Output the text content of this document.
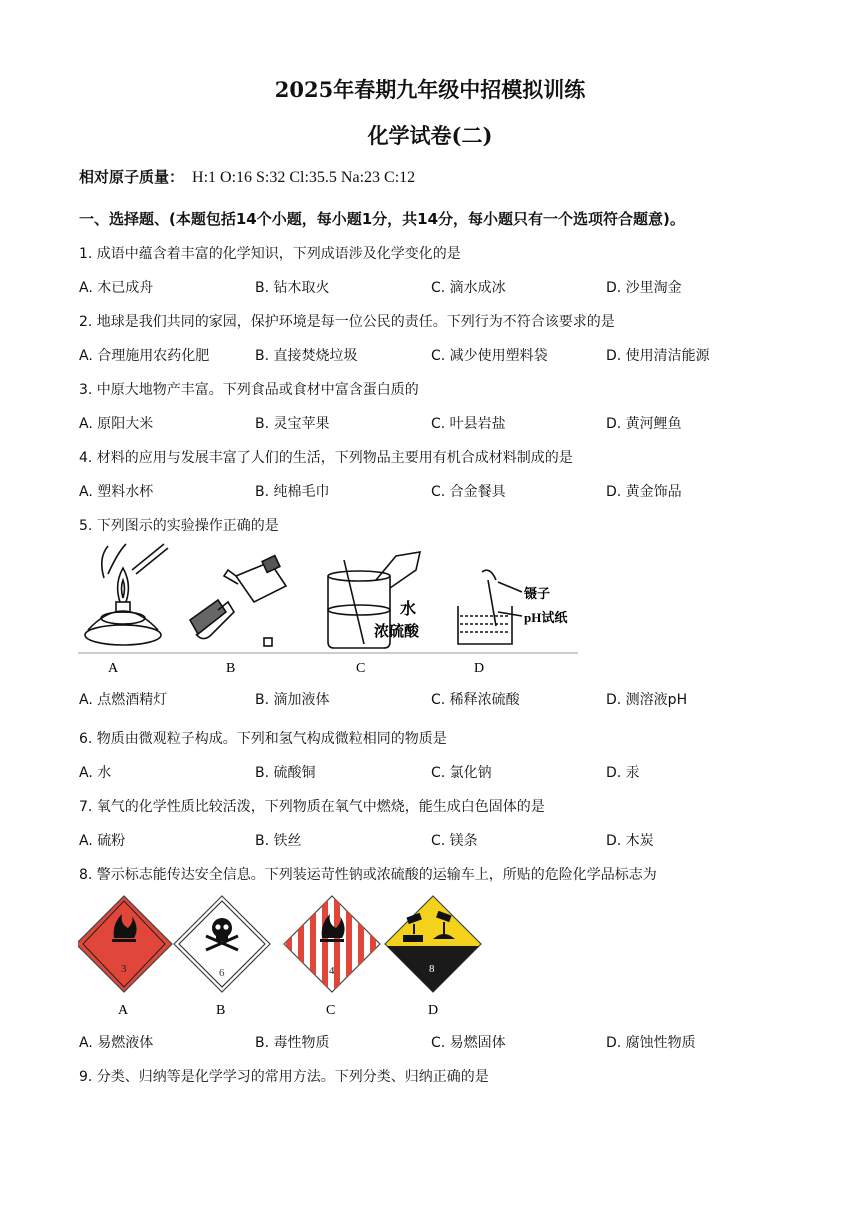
2025年春期九年级中招模拟训练
化学试卷(二)
相对原子质量： H:1 O:16 S:32 Cl:35.5 Na:23 C:12
一、选择题、(本题包括14个小题，每小题1分，共14分，每小题只有一个选项符合题意)。
1. 成语中蕴含着丰富的化学知识，下列成语涉及化学变化的是
A. 木已成舟	B. 钻木取火	C. 滴水成冰	D. 沙里淘金
2. 地球是我们共同的家园，保护环境是每一位公民的责任。下列行为不符合该要求的是
A. 合理施用农药化肥	B. 直接焚烧垃圾	C. 减少使用塑料袋	D. 使用清洁能源
3. 中原大地物产丰富。下列食品或食材中富含蛋白质的
A. 原阳大米	B. 灵宝苹果	C. 叶县岩盐	D. 黄河鲤鱼
4. 材料的应用与发展丰富了人们的生活，下列物品主要用有机合成材料制成的是
A. 塑料水杯	B. 纯棉毛巾	C. 合金餐具	D. 黄金饰品
5. 下列图示的实验操作正确的是
A	B
水
浓硫酸
C
镊子
pH试纸
D
A. 点燃酒精灯	B. 滴加液体	C. 稀释浓硫酸	D. 测溶液pH
6. 物质由微观粒子构成。下列和氢气构成微粒相同的物质是
A. 水	B. 硫酸铜	C. 氯化钠	D. 汞
7. 氧气的化学性质比较活泼，下列物质在氧气中燃烧，能生成白色固体的是
A. 硫粉	B. 铁丝	C. 镁条	D. 木炭
8. 警示标志能传达安全信息。下列装运苛性钠或浓硫酸的运输车上，所贴的危险化学品标志为
3
A
6
B
4
C
8
D
A. 易燃液体	B. 毒性物质	C. 易燃固体	D. 腐蚀性物质
9. 分类、归纳等是化学学习的常用方法。下列分类、归纳正确的是
